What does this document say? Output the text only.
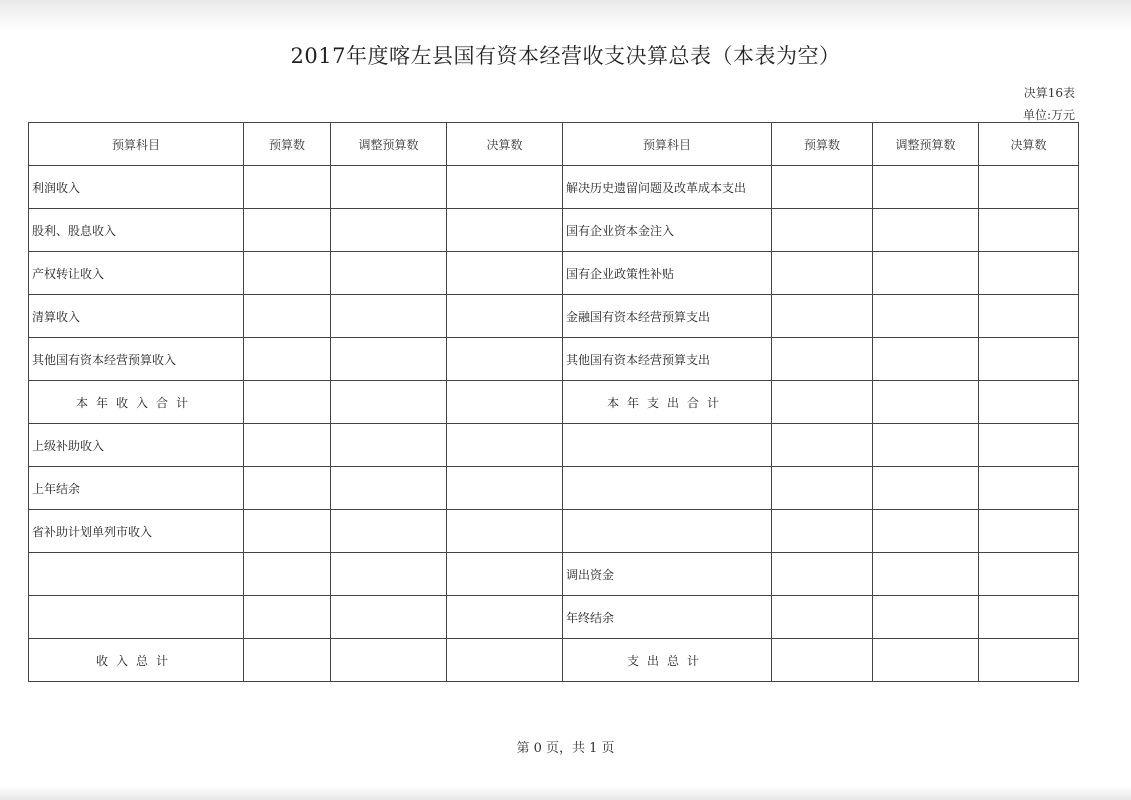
2017年度喀左县国有资本经营收支决算总表（本表为空）
决算16表
单位:万元
预算科目	预算数	调整预算数	决算数	预算科目	预算数	调整预算数	决算数
利润收入				解决历史遗留问题及改革成本支出			
股利、股息收入				国有企业资本金注入			
产权转让收入				国有企业政策性补贴			
清算收入				金融国有资本经营预算支出			
其他国有资本经营预算收入				其他国有资本经营预算支出			
本年收入合计				本年支出合计			
上级补助收入							
上年结余							
省补助计划单列市收入							
				调出资金			
				年终结余			
收入总计				支出总计			
第 0 页，共 1 页
